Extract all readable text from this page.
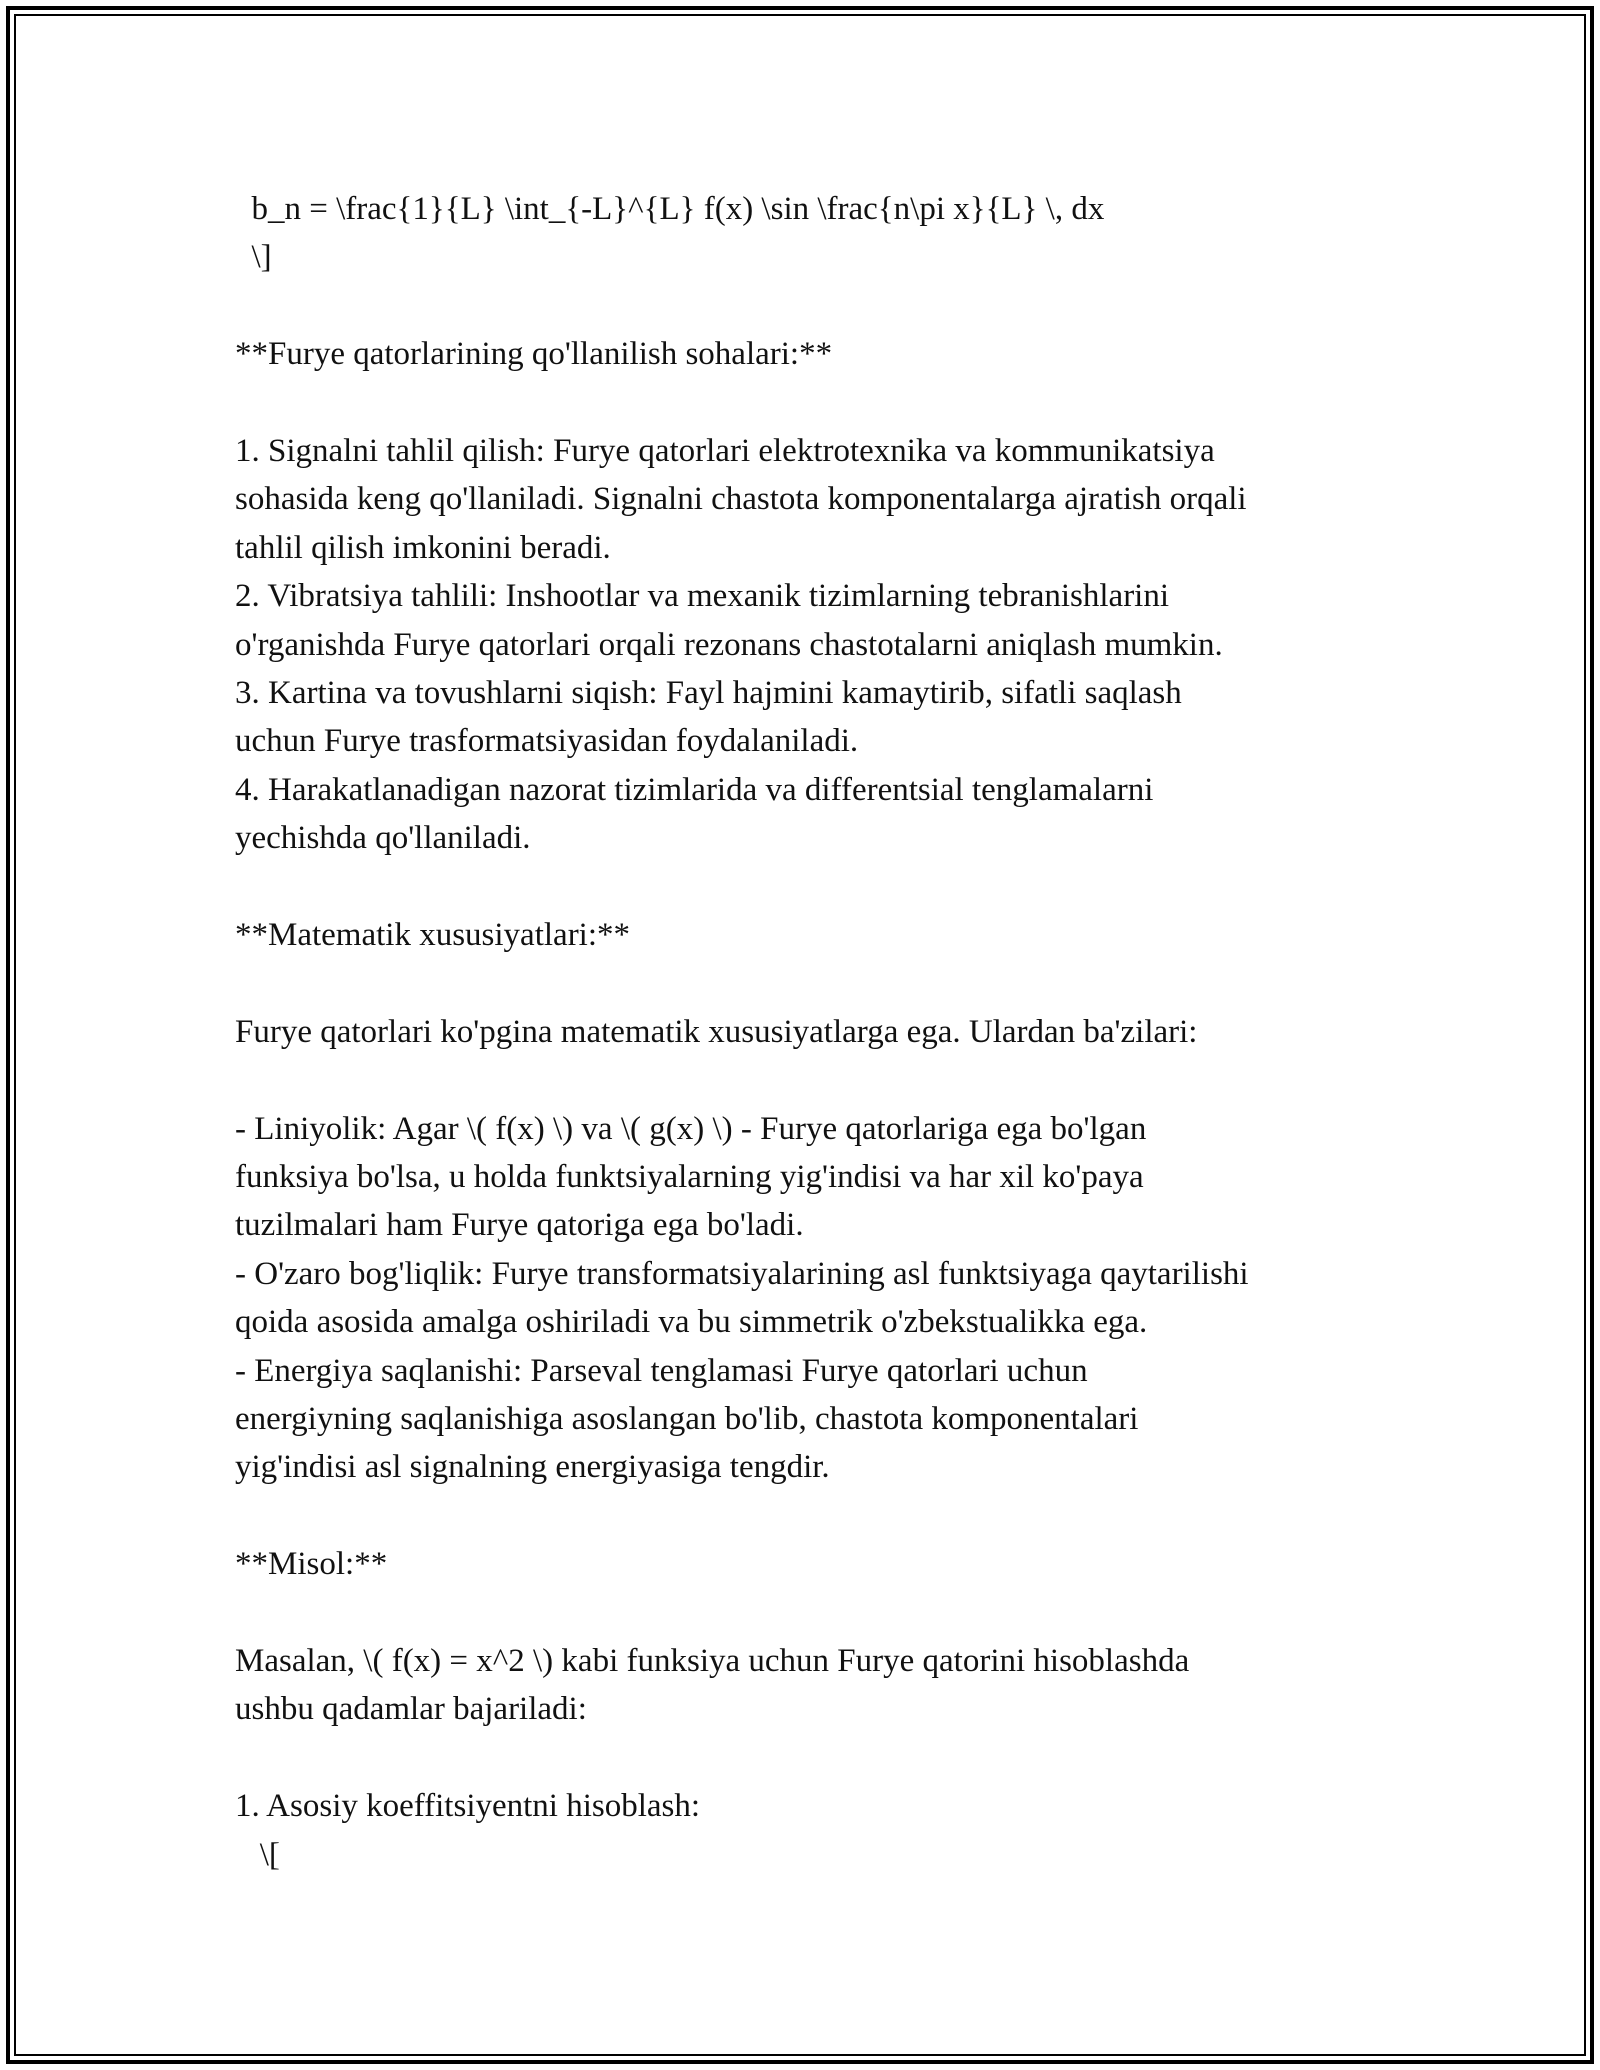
b_n = \frac{1}{L} \int_{-L}^{L} f(x) \sin \frac{n\pi x}{L} \, dx
\]
**Furye qatorlarining qo'llanilish sohalari:**
1. Signalni tahlil qilish: Furye qatorlari elektrotexnika va kommunikatsiya
sohasida keng qo'llaniladi. Signalni chastota komponentalarga ajratish orqali
tahlil qilish imkonini beradi.
2. Vibratsiya tahlili: Inshootlar va mexanik tizimlarning tebranishlarini
o'rganishda Furye qatorlari orqali rezonans chastotalarni aniqlash mumkin.
3. Kartina va tovushlarni siqish: Fayl hajmini kamaytirib, sifatli saqlash
uchun Furye trasformatsiyasidan foydalaniladi.
4. Harakatlanadigan nazorat tizimlarida va differentsial tenglamalarni
yechishda qo'llaniladi.
**Matematik xususiyatlari:**
Furye qatorlari ko'pgina matematik xususiyatlarga ega. Ulardan ba'zilari:
- Liniyolik: Agar \( f(x) \) va \( g(x) \) - Furye qatorlariga ega bo'lgan
funksiya bo'lsa, u holda funktsiyalarning yig'indisi va har xil ko'paya
tuzilmalari ham Furye qatoriga ega bo'ladi.
- O'zaro bog'liqlik: Furye transformatsiyalarining asl funktsiyaga qaytarilishi
qoida asosida amalga oshiriladi va bu simmetrik o'zbekstualikka ega.
- Energiya saqlanishi: Parseval tenglamasi Furye qatorlari uchun
energiyning saqlanishiga asoslangan bo'lib, chastota komponentalari
yig'indisi asl signalning energiyasiga tengdir.
**Misol:**
Masalan, \( f(x) = x^2 \) kabi funksiya uchun Furye qatorini hisoblashda
ushbu qadamlar bajariladi:
1. Asosiy koeffitsiyentni hisoblash:
\[
